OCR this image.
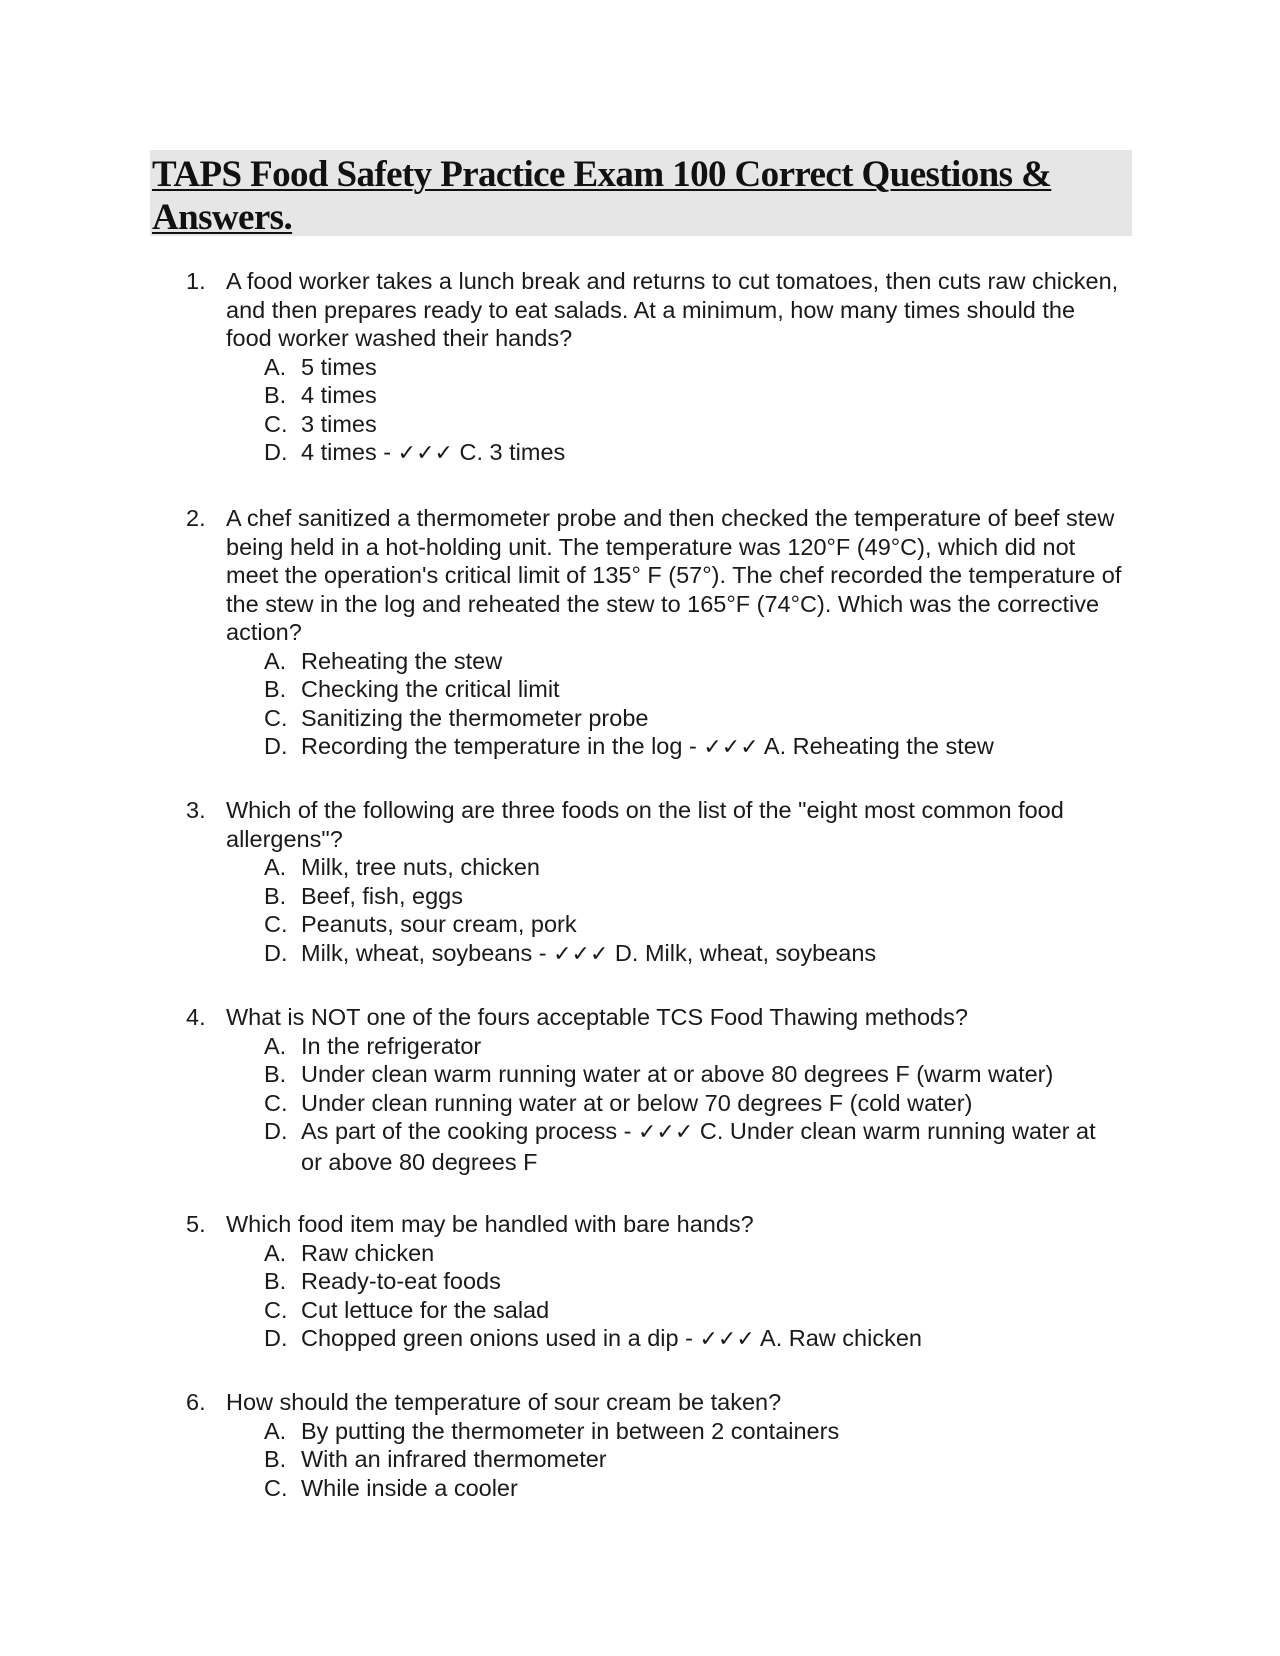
TAPS Food Safety Practice Exam 100 Correct Questions & Answers.
1. A food worker takes a lunch break and returns to cut tomatoes, then cuts raw chicken, and then prepares ready to eat salads. At a minimum, how many times should the food worker washed their hands?
A. 5 times
B. 4 times
C. 3 times
D. 4 times - ✓✓✓ C. 3 times
2. A chef sanitized a thermometer probe and then checked the temperature of beef stew being held in a hot-holding unit. The temperature was 120°F (49°C), which did not meet the operation's critical limit of 135° F (57°). The chef recorded the temperature of the stew in the log and reheated the stew to 165°F (74°C). Which was the corrective action?
A. Reheating the stew
B. Checking the critical limit
C. Sanitizing the thermometer probe
D. Recording the temperature in the log - ✓✓✓ A. Reheating the stew
3. Which of the following are three foods on the list of the "eight most common food allergens"?
A. Milk, tree nuts, chicken
B. Beef, fish, eggs
C. Peanuts, sour cream, pork
D. Milk, wheat, soybeans - ✓✓✓ D. Milk, wheat, soybeans
4. What is NOT one of the fours acceptable TCS Food Thawing methods?
A. In the refrigerator
B. Under clean warm running water at or above 80 degrees F (warm water)
C. Under clean running water at or below 70 degrees F (cold water)
D. As part of the cooking process - ✓✓✓ C. Under clean warm running water at or above 80 degrees F
5. Which food item may be handled with bare hands?
A. Raw chicken
B. Ready-to-eat foods
C. Cut lettuce for the salad
D. Chopped green onions used in a dip - ✓✓✓ A. Raw chicken
6. How should the temperature of sour cream be taken?
A. By putting the thermometer in between 2 containers
B. With an infrared thermometer
C. While inside a cooler
